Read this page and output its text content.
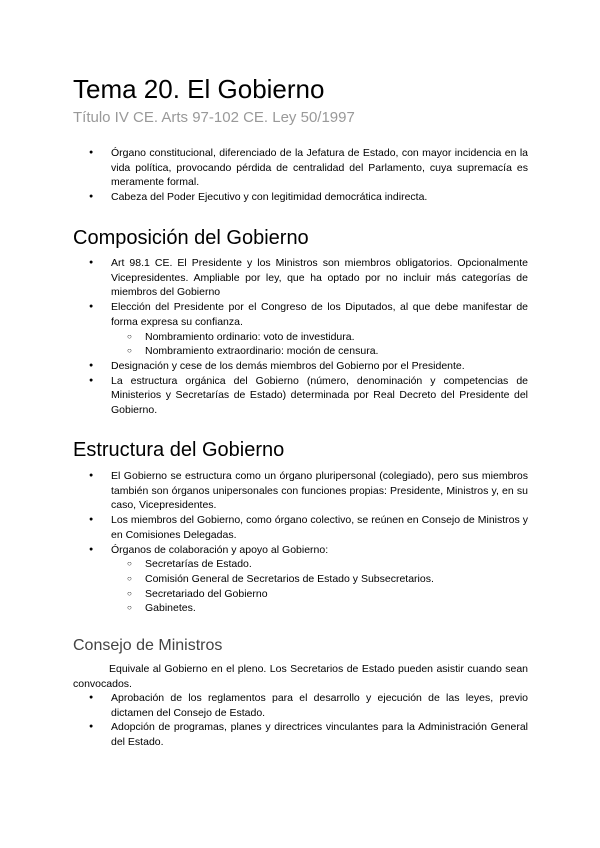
Tema 20. El Gobierno

Título IV CE. Arts 97-102 CE. Ley 50/1997

● Órgano constitucional, diferenciado de la Jefatura de Estado, con mayor incidencia en la vida política, provocando pérdida de centralidad del Parlamento, cuya supremacía es meramente formal.
● Cabeza del Poder Ejecutivo y con legitimidad democrática indirecta.
Composición del Gobierno
● Art 98.1 CE. El Presidente y los Ministros son miembros obligatorios. Opcionalmente Vicepresidentes. Ampliable por ley, que ha optado por no incluir más categorías de miembros del Gobierno
● Elección del Presidente por el Congreso de los Diputados, al que debe manifestar de forma expresa su confianza.
○ Nombramiento ordinario: voto de investidura.
○ Nombramiento extraordinario: moción de censura.
● Designación y cese de los demás miembros del Gobierno por el Presidente.
● La estructura orgánica del Gobierno (número, denominación y competencias de Ministerios y Secretarías de Estado) determinada por Real Decreto del Presidente del Gobierno.
Estructura del Gobierno
● El Gobierno se estructura como un órgano pluripersonal (colegiado), pero sus miembros también son órganos unipersonales con funciones propias: Presidente, Ministros y, en su caso, Vicepresidentes.
● Los miembros del Gobierno, como órgano colectivo, se reúnen en Consejo de Ministros y en Comisiones Delegadas.
● Órganos de colaboración y apoyo al Gobierno:
○ Secretarías de Estado.
○ Comisión General de Secretarios de Estado y Subsecretarios.
○ Secretariado del Gobierno
○ Gabinetes.
Consejo de Ministros

Equivale al Gobierno en el pleno. Los Secretarios de Estado pueden asistir cuando sean convocados.

● Aprobación de los reglamentos para el desarrollo y ejecución de las leyes, previo dictamen del Consejo de Estado.
● Adopción de programas, planes y directrices vinculantes para la Administración General del Estado.
